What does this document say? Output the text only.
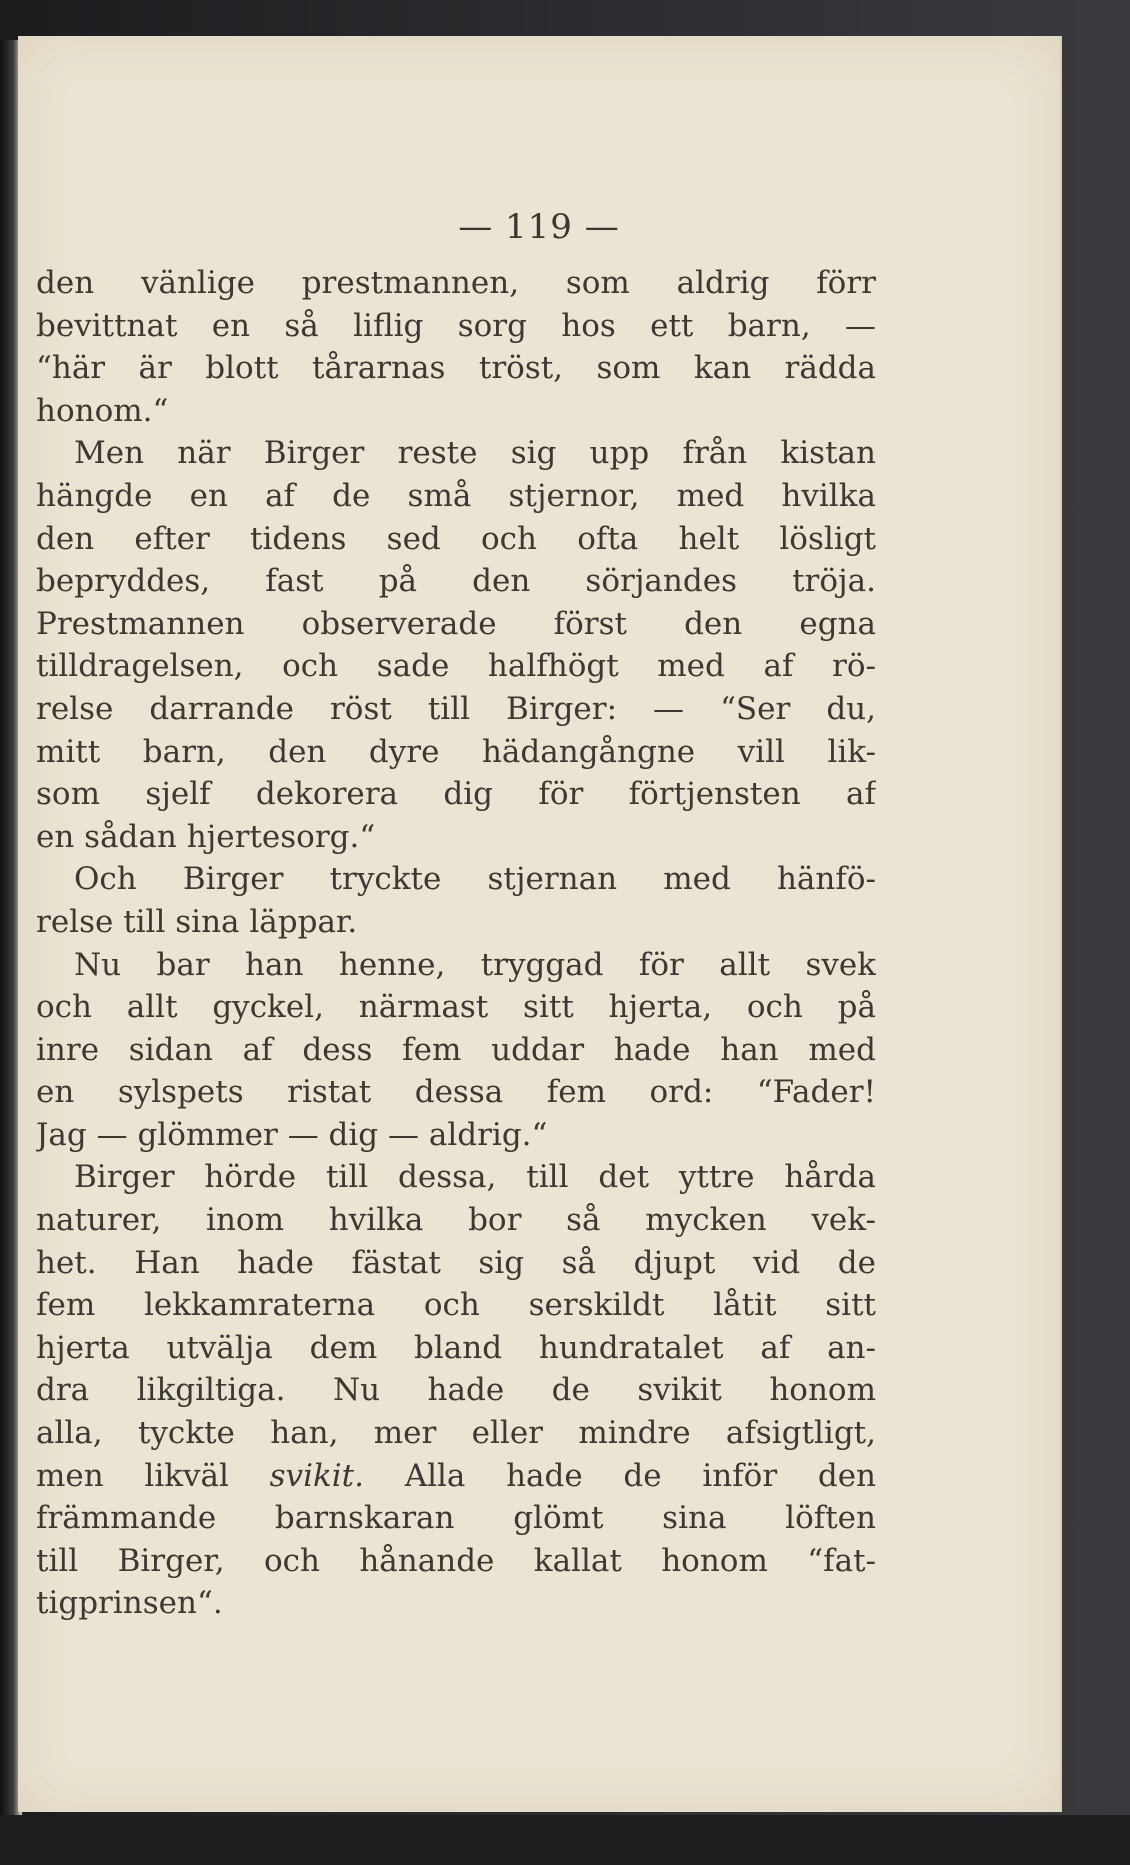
— 119 —
den vänlige prestmannen, som aldrig förr
bevittnat en så liflig sorg hos ett barn, —
“här är blott tårarnas tröst, som kan rädda
honom.“
Men när Birger reste sig upp från kistan
hängde en af de små stjernor, med hvilka
den efter tidens sed och ofta helt lösligt
bepryddes, fast på den sörjandes tröja.
Prestmannen observerade först den egna
tilldragelsen, och sade halfhögt med af rö-
relse darrande röst till Birger: — “Ser du,
mitt barn, den dyre hädangångne vill lik-
som sjelf dekorera dig för förtjensten af
en sådan hjertesorg.“
Och Birger tryckte stjernan med hänfö-
relse till sina läppar.
Nu bar han henne, tryggad för allt svek
och allt gyckel, närmast sitt hjerta, och på
inre sidan af dess fem uddar hade han med
en sylspets ristat dessa fem ord: “Fader!
Jag — glömmer — dig — aldrig.“
Birger hörde till dessa, till det yttre hårda
naturer, inom hvilka bor så mycken vek-
het. Han hade fästat sig så djupt vid de
fem lekkamraterna och serskildt låtit sitt
hjerta utvälja dem bland hundratalet af an-
dra likgiltiga. Nu hade de svikit honom
alla, tyckte han, mer eller mindre afsigtligt,
men likväl svikit. Alla hade de inför den
främmande barnskaran glömt sina löften
till Birger, och hånande kallat honom “fat-
tigprinsen“.
